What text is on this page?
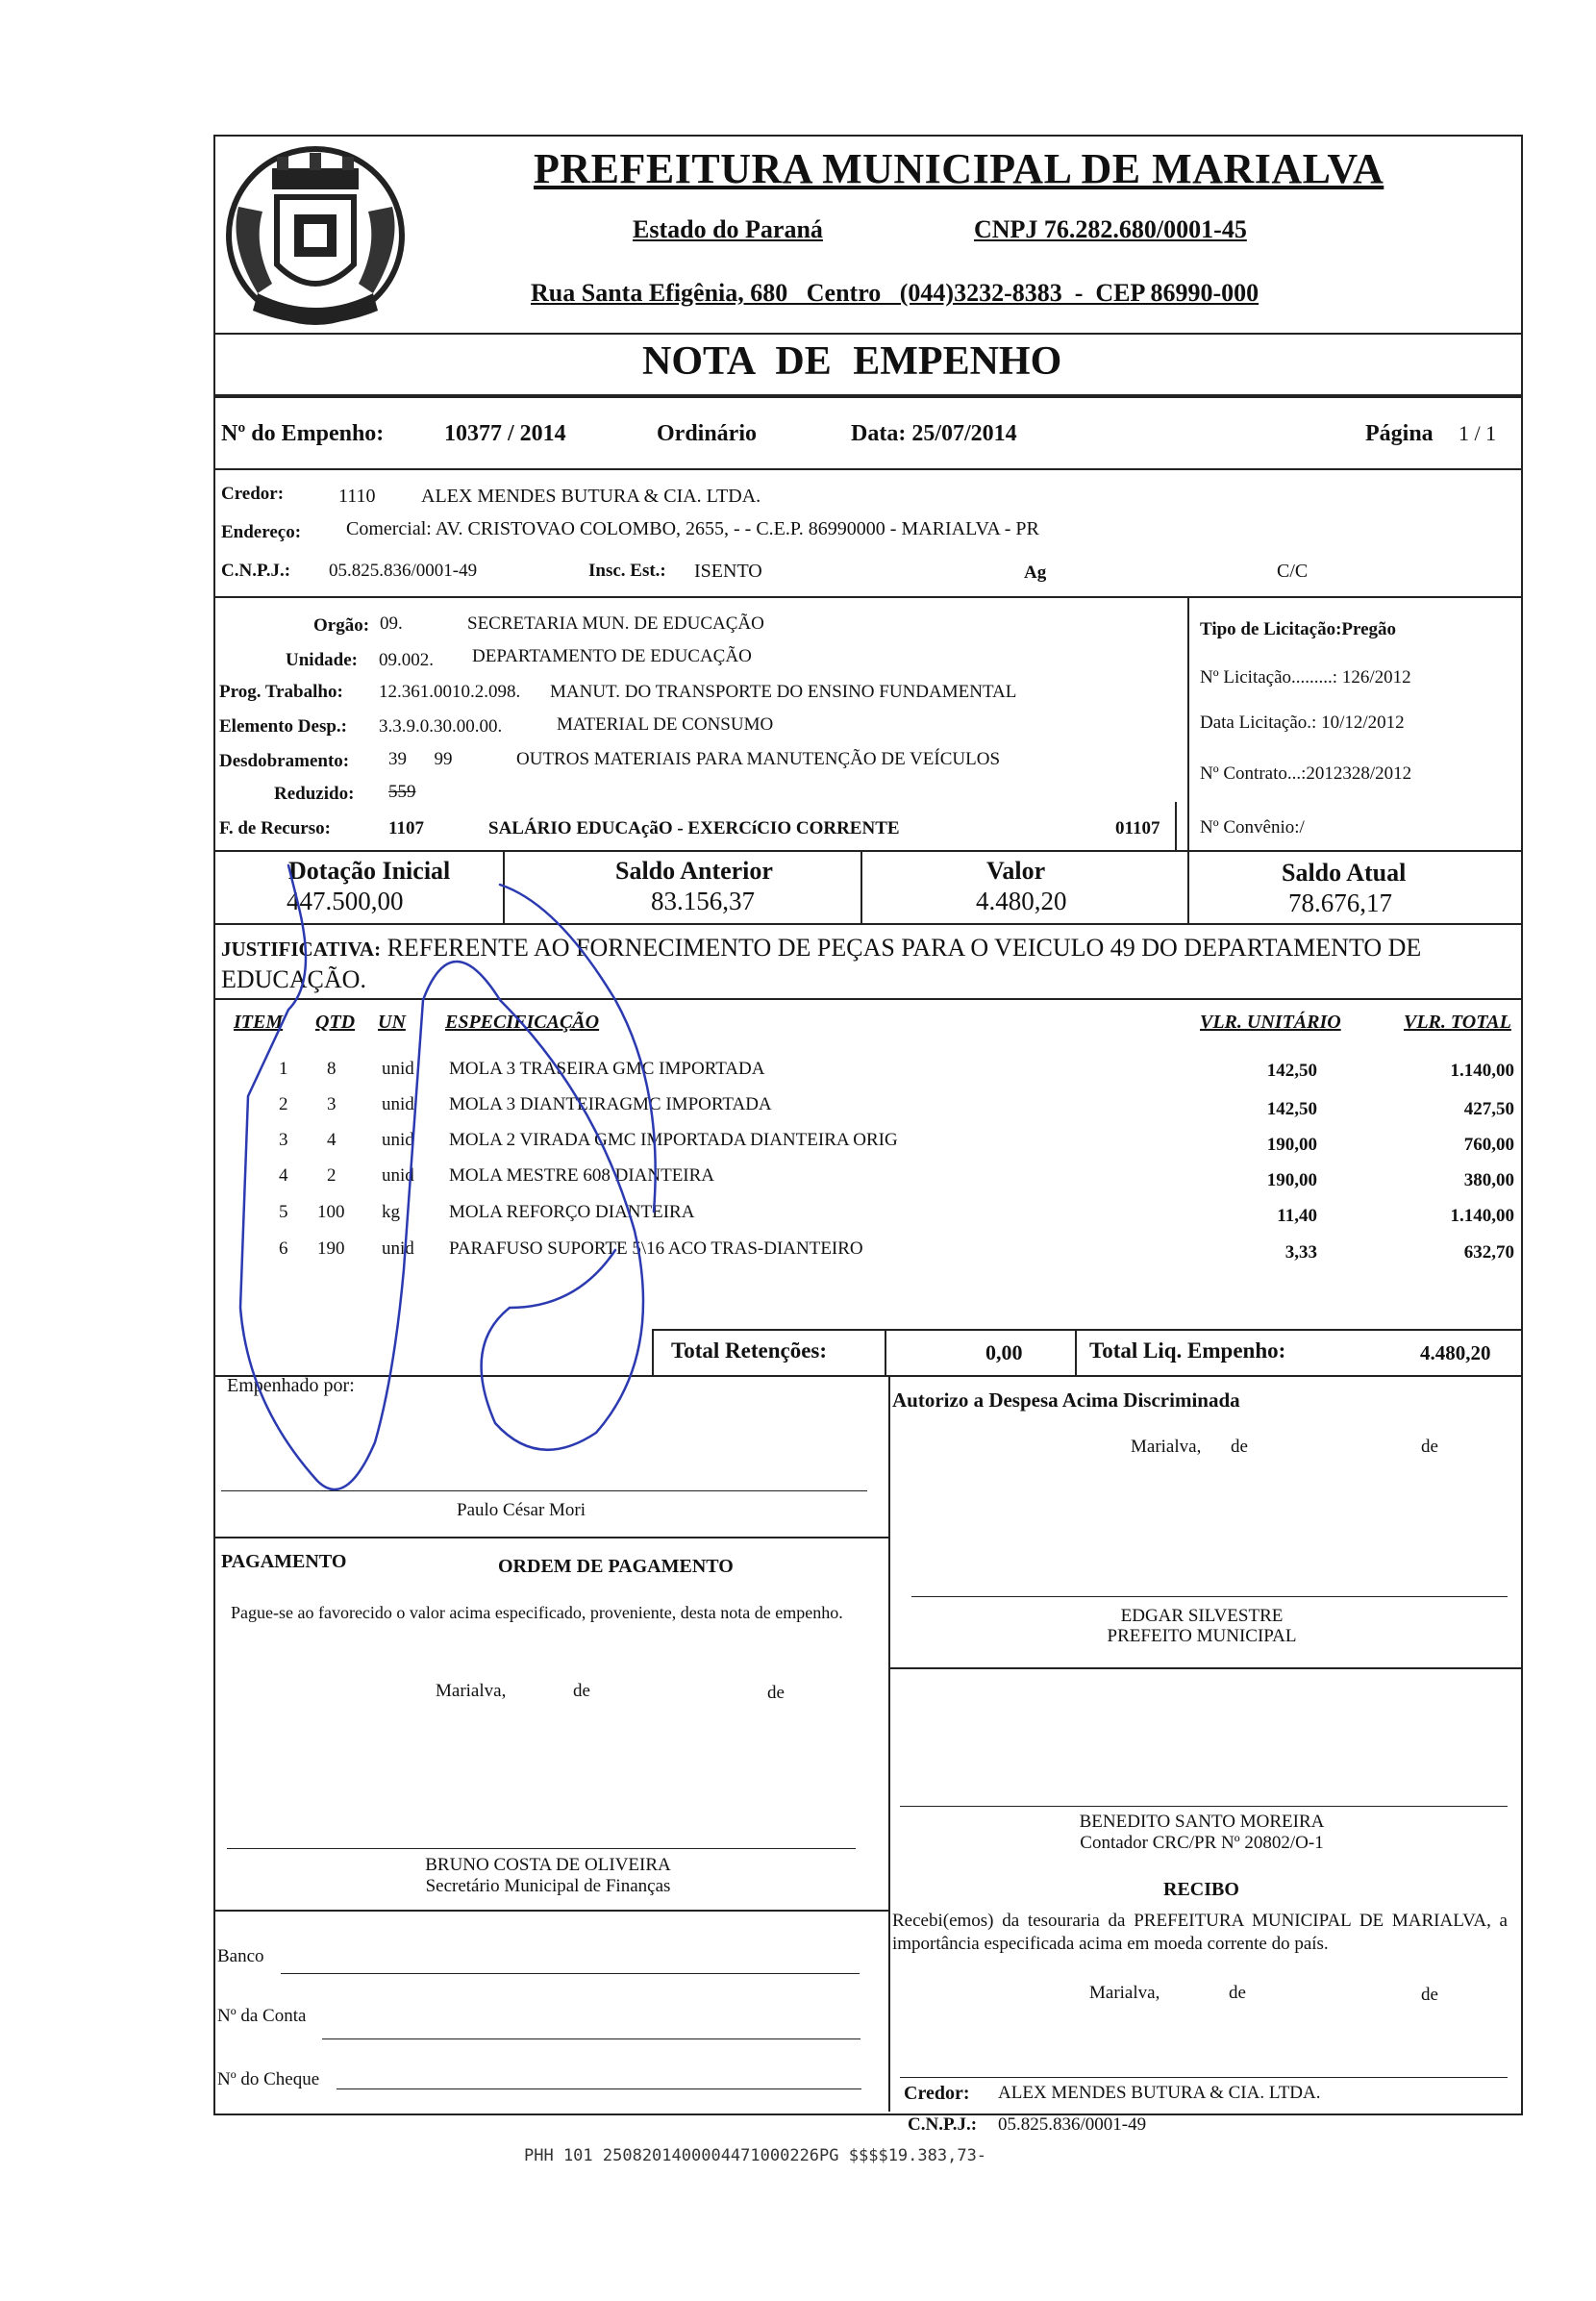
PREFEITURA MUNICIPAL DE MARIALVA
Estado do Paraná	CNPJ 76.282.680/0001-45
Rua Santa Efigênia, 680   Centro   (044)3232-8383  -  CEP 86990-000
NOTA DE EMPENHO
Nº do Empenho:	10377 / 2014	Ordinário	Data: 25/07/2014	Página 1 / 1
Credor:	1110 ALEX MENDES BUTURA & CIA. LTDA.
Endereço: Comercial: AV. CRISTOVAO COLOMBO, 2655, - - C.E.P. 86990000 - MARIALVA - PR
C.N.P.J.: 05.825.836/0001-49	Insc. Est.: ISENTO	Ag	C/C
Orgão: 09.	SECRETARIA MUN. DE EDUCAÇÃO
Unidade: 09.002. DEPARTAMENTO DE EDUCAÇÃO
Prog. Trabalho: 12.361.0010.2.098. MANUT. DO TRANSPORTE DO ENSINO FUNDAMENTAL
Elemento Desp.: 3.3.9.0.30.00.00.	MATERIAL DE CONSUMO
Desdobramento: 39      99	OUTROS MATERIAIS PARA MANUTENÇÃO DE VEÍCULOS
Reduzido: 559
F. de Recurso:	1107	SALÁRIO EDUCAçãO - EXERCíCIO CORRENTE	01107
Tipo de Licitação:Pregão
Nº Licitação.........: 126/2012
Data Licitação.: 10/12/2012
Nº Contrato...:2012328/2012
Nº Convênio:/
Dotação Inicial
447.500,00
Saldo Anterior
83.156,37
Valor
4.480,20
Saldo Atual
78.676,17
JUSTIFICATIVA: REFERENTE AO FORNECIMENTO DE PEÇAS PARA O VEICULO 49 DO DEPARTAMENTO DE EDUCAÇÃO.
ITEM QTD UN ESPECIFICAÇÃO	VLR. UNITÁRIO	VLR. TOTAL
1 8	unid MOLA 3 TRASEIRA GMC IMPORTADA	142,50	1.140,00
2 3	unid MOLA 3 DIANTEIRAGMC IMPORTADA	142,50	427,50
3 4	unid MOLA 2 VIRADA GMC IMPORTADA DIANTEIRA ORIG	190,00	760,00
4 2	unid MOLA MESTRE 608 DIANTEIRA	190,00	380,00
5 100 kg	MOLA REFORÇO DIANTEIRA	11,40	1.140,00
6 190 unid PARAFUSO SUPORTE 5\16 ACO TRAS-DIANTEIRO	3,33	632,70
Total Retenções:	0,00	Total Liq. Empenho:	4.480,20
Empenhado por:
Paulo César Mori
Autorizo a Despesa Acima Discriminada
Marialva, de	de
PAGAMENTO	ORDEM DE PAGAMENTO
Pague-se ao favorecido o valor acima especificado, proveniente, desta nota de empenho.
Marialva,	de	de
EDGAR SILVESTRE
PREFEITO MUNICIPAL
BENEDITO SANTO MOREIRA
Contador CRC/PR Nº 20802/O-1
BRUNO COSTA DE OLIVEIRA
Secretário Municipal de Finanças
Banco
Nº da Conta
Nº do Cheque
RECIBO
Recebi(emos) da tesouraria da PREFEITURA MUNICIPAL DE MARIALVA, a importância especificada acima em moeda corrente do país.
Marialva,	de	de
Credor: ALEX MENDES BUTURA & CIA. LTDA.
C.N.P.J.: 05.825.836/0001-49
PHH 101 2508201400004471000226PG $$$$19.383,73-
